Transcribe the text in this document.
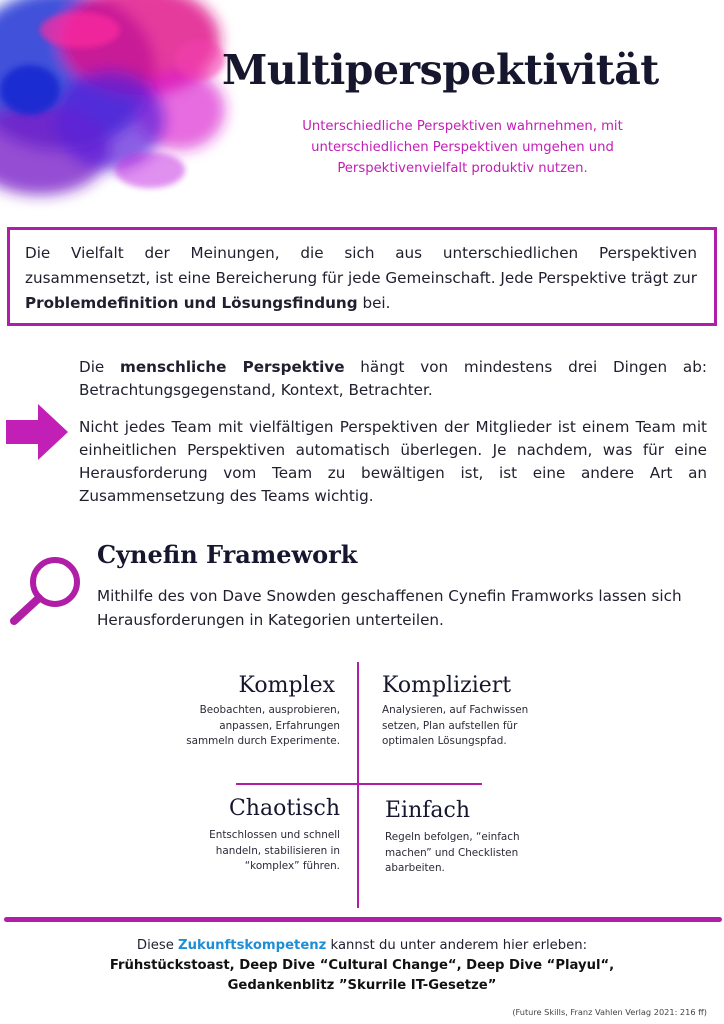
Multiperspektivität
Unterschiedliche Perspektiven wahrnehmen, mit unterschiedlichen Perspektiven umgehen und Perspektivenvielfalt produktiv nutzen.
Die Vielfalt der Meinungen, die sich aus unterschiedlichen Perspektiven zusammensetzt, ist eine Bereicherung für jede Gemeinschaft. Jede Perspektive trägt zur Problemdefinition und Lösungsfindung bei.
Die menschliche Perspektive hängt von mindestens drei Dingen ab: Betrachtungsgegenstand, Kontext, Betrachter.
Nicht jedes Team mit vielfältigen Perspektiven der Mitglieder ist einem Team mit einheitlichen Perspektiven automatisch überlegen. Je nachdem, was für eine Herausforderung vom Team zu bewältigen ist, ist eine andere Art an Zusammensetzung des Teams wichtig.
Cynefin Framework
Mithilfe des von Dave Snowden geschaffenen Cynefin Framworks lassen sich Herausforderungen in Kategorien unterteilen.
Komplex
Beobachten, ausprobieren, anpassen, Erfahrungen sammeln durch Experimente.
Kompliziert
Analysieren, auf Fachwissen setzen, Plan aufstellen für optimalen Lösungspfad.
Chaotisch
Entschlossen und schnell handeln, stabilisieren in “komplex” führen.
Einfach
Regeln befolgen, “einfach machen” und Checklisten abarbeiten.
Diese Zukunftskompetenz kannst du unter anderem hier erleben:
Frühstückstoast, Deep Dive “Cultural Change“, Deep Dive “Playul“,
Gedankenblitz ”Skurrile IT-Gesetze”
(Future Skills, Franz Vahlen Verlag 2021: 216 ff)
